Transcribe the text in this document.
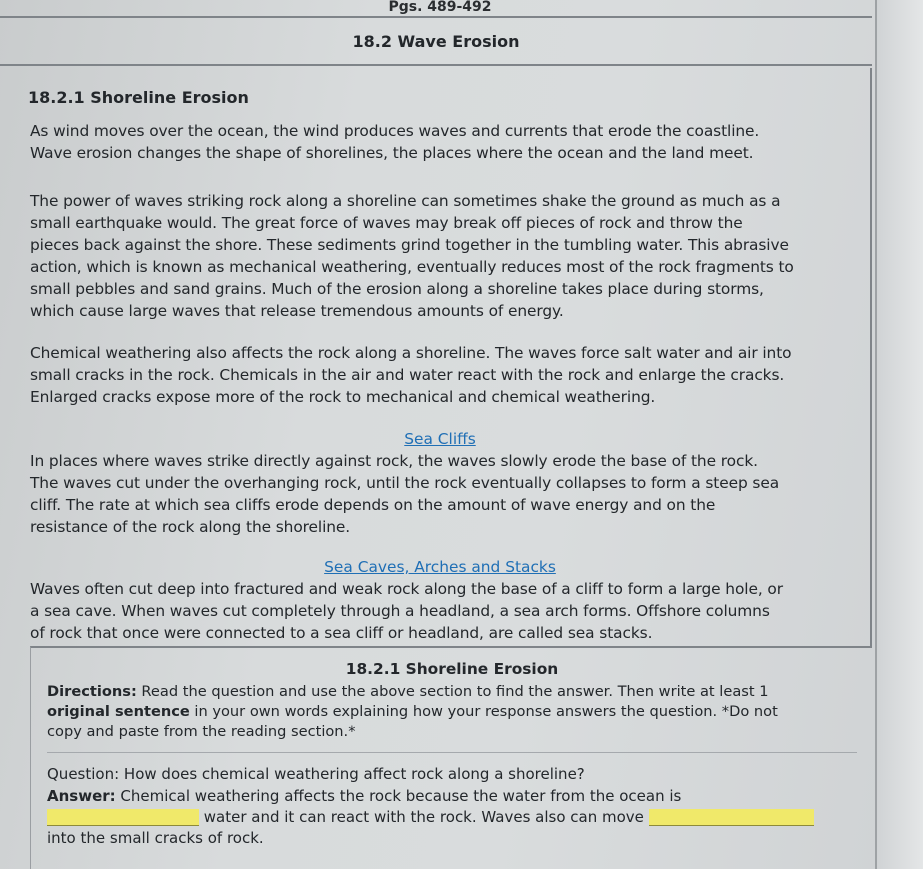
Pgs. 489-492
18.2 Wave Erosion
18.2.1 Shoreline Erosion

As wind moves over the ocean, the wind produces waves and currents that erode the coastline.
Wave erosion changes the shape of shorelines, the places where the ocean and the land meet.

The power of waves striking rock along a shoreline can sometimes shake the ground as much as a
small earthquake would. The great force of waves may break off pieces of rock and throw the
pieces back against the shore. These sediments grind together in the tumbling water. This abrasive
action, which is known as mechanical weathering, eventually reduces most of the rock fragments to
small pebbles and sand grains. Much of the erosion along a shoreline takes place during storms,
which cause large waves that release tremendous amounts of energy.

Chemical weathering also affects the rock along a shoreline. The waves force salt water and air into
small cracks in the rock. Chemicals in the air and water react with the rock and enlarge the cracks.
Enlarged cracks expose more of the rock to mechanical and chemical weathering.

Sea Cliffs

In places where waves strike directly against rock, the waves slowly erode the base of the rock.
The waves cut under the overhanging rock, until the rock eventually collapses to form a steep sea
cliff. The rate at which sea cliffs erode depends on the amount of wave energy and on the
resistance of the rock along the shoreline.

Sea Caves, Arches and Stacks

Waves often cut deep into fractured and weak rock along the base of a cliff to form a large hole, or
a sea cave. When waves cut completely through a headland, a sea arch forms. Offshore columns
of rock that once were connected to a sea cliff or headland, are called sea stacks.

18.2.1 Shoreline Erosion
Directions: Read the question and use the above section to find the answer. Then write at least 1
original sentence in your own words explaining how your response answers the question. *Do not
copy and paste from the reading section.*
Question: How does chemical weathering affect rock along a shoreline?
Answer: Chemical weathering affects the rock because the water from the ocean is
water and it can react with the rock. Waves also can move
into the small cracks of rock.
